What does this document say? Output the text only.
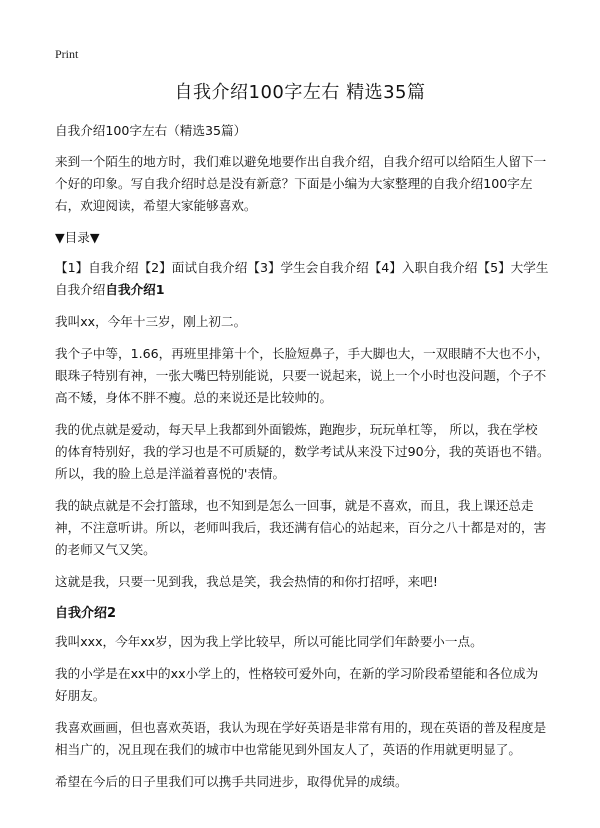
Print
自我介绍100字左右 精选35篇

自我介绍100字左右（精选35篇）

来到一个陌生的地方时，我们难以避免地要作出自我介绍，自我介绍可以给陌生人留下一个好的印象。写自我介绍时总是没有新意？下面是小编为大家整理的自我介绍100字左右，欢迎阅读，希望大家能够喜欢。

▼目录▼

【1】自我介绍【2】面试自我介绍【3】学生会自我介绍【4】入职自我介绍【5】大学生自我介绍自我介绍1

我叫xx，今年十三岁，刚上初二。

我个子中等，1.66，再班里排第十个，长脸短鼻子，手大脚也大，一双眼睛不大也不小，眼珠子特别有神，一张大嘴巴特别能说，只要一说起来，说上一个小时也没问题，个子不高不矮，身体不胖不瘦。总的来说还是比较帅的。

我的优点就是爱动，每天早上我都到外面锻炼，跑跑步，玩玩单杠等， 所以，我在学校的体育特别好，我的学习也是不可质疑的，数学考试从来没下过90分，我的英语也不错。所以，我的脸上总是洋溢着喜悦的'表情。

我的缺点就是不会打篮球，也不知到是怎么一回事，就是不喜欢，而且，我上课还总走神，不注意听讲。所以，老师叫我后，我还满有信心的站起来，百分之八十都是对的，害的老师又气又笑。

这就是我，只要一见到我，我总是笑，我会热情的和你打招呼，来吧!

自我介绍2

我叫xxx，今年xx岁，因为我上学比较早，所以可能比同学们年龄要小一点。

我的小学是在xx中的xx小学上的，性格较可爱外向，在新的学习阶段希望能和各位成为好朋友。

我喜欢画画，但也喜欢英语，我认为现在学好英语是非常有用的，现在英语的普及程度是相当广的，况且现在我们的城市中也常能见到外国友人了，英语的作用就更明显了。

希望在今后的日子里我们可以携手共同进步，取得优异的成绩。
